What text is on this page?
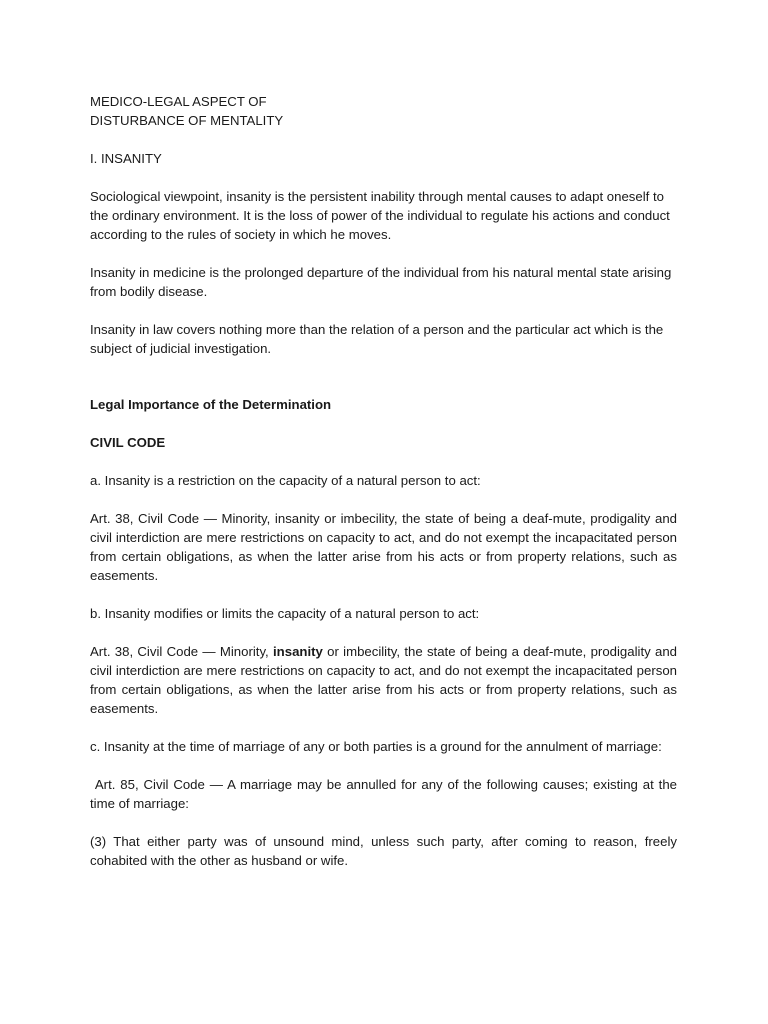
MEDICO-LEGAL ASPECT OF

DISTURBANCE OF MENTALITY

I. INSANITY

Sociological viewpoint, insanity is the persistent inability through mental causes to adapt oneself to the ordinary environment. It is the loss of power of the individual to regulate his actions and conduct according to the rules of society in which he moves.

Insanity in medicine is the prolonged departure of the individual from his natural mental state arising from bodily disease.

Insanity in law covers nothing more than the relation of a person and the particular act which is the subject of judicial investigation.

Legal Importance of the Determination

CIVIL CODE

a. Insanity is a restriction on the capacity of a natural person to act:

Art. 38, Civil Code — Minority, insanity or imbecility, the state of being a deaf-mute, prodigality and civil interdiction are mere restrictions on capacity to act, and do not exempt the incapacitated person from certain obligations, as when the latter arise from his acts or from property relations, such as easements.

b. Insanity modifies or limits the capacity of a natural person to act:

Art. 38, Civil Code — Minority, insanity or imbecility, the state of being a deaf-mute, prodigality and civil interdiction are mere restrictions on capacity to act, and do not exempt the incapacitated person from certain obligations, as when the latter arise from his acts or from property relations, such as easements.

c. Insanity at the time of marriage of any or both parties is a ground for the annulment of marriage:

Art. 85, Civil Code — A marriage may be annulled for any of the following causes; existing at the time of marriage:

(3) That either party was of unsound mind, unless such party, after coming to reason, freely cohabited with the other as husband or wife.
